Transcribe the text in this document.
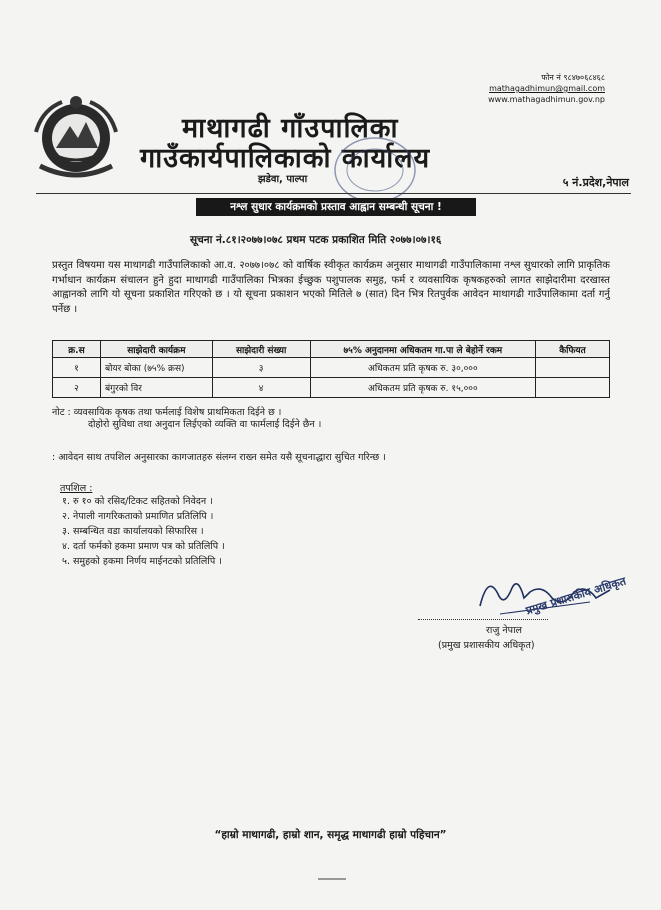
फोन नं ९८४७०६८४६८
mathagadhimun@gmail.com
www.mathagadhimun.gov.np
माथागढी गाँउपालिका
गाउँकार्यपालिकाको कार्यालय
झडेवा, पाल्पा	५ नं.प्रदेश,नेपाल
नश्ल सुधार कार्यक्रमको प्रस्ताव आह्वान सम्बन्धी सूचना !
सूचना नं.८१।२०७७।०७८ प्रथम पटक प्रकाशित मिति २०७७।०७।१६
प्रस्तुत विषयमा यस माथागढी गाउँपालिकाको आ.व. २०७७।०७८ को वार्षिक स्वीकृत कार्यक्रम अनुसार माथागढी गाउँपालिकामा नश्ल सुधारको लागि प्राकृतिक गर्भाधान कार्यक्रम संचालन हुने हुदा माथागढी गाउँपालिका भित्रका ईच्छुक पशुपालक समुह, फर्म र व्यवसायिक कृषकहरुको लागत साझेदारीमा दरखास्त आह्वानको लागि यो सूचना प्रकाशित गरिएको छ । यो सूचना प्रकाशन भएको मितिले ७ (सात) दिन भित्र रितपुर्वक आवेदन माथागढी गाउँपालिकामा दर्ता गर्नु पर्नेछ ।
क्र.स	साझेदारी कार्यक्रम	साझेदारी संख्या	७५% अनुदानमा अधिकतम गा.पा ले बेहोर्ने रकम	कैफियत
१	बोयर बोका (७५% क्रस)	३	अधिकतम प्रति कृषक रु. ३०,०००	
२	बंगुरको विर	४	अधिकतम प्रति कृषक रु. १५,०००	
नोट : व्यवसायिक कृषक तथा फर्मलाई विशेष प्राथमिकता दिईने छ ।
दोहोरो सुविधा तथा अनुदान लिईएको व्यक्ति वा फार्मलाई दिईने छैन ।
: आवेदन साथ तपशिल अनुसारका कागजातहरु संलग्न राख्न समेत यसै सूचनाद्धारा सुचित गरिन्छ ।
तपशिल :
१. रु १० को रसिद/टिकट सहितको निवेदन ।
२. नेपाली नागरिकताको प्रमाणित प्रतिलिपि ।
३. सम्बन्धित वडा कार्यालयको सिफारिस ।
४. दर्ता फर्मको हकमा प्रमाण पत्र को प्रतिलिपि ।
५. समुहको हकमा निर्णय माईनटको प्रतिलिपि ।
राजु नेपाल
(प्रमुख प्रशासकीय अधिकृत)
प्रमुख प्रशासकीय अधिकृत
“हाम्रो माथागढी, हाम्रो शान, समृद्ध माथागढी हाम्रो पहिचान”
